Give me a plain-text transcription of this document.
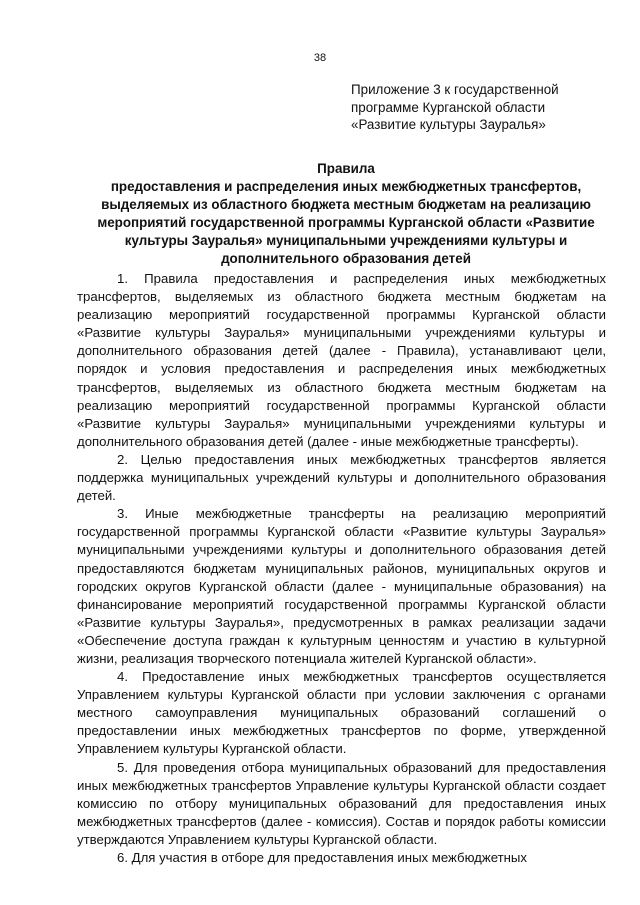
38
Приложение 3 к государственной
программе Курганской области
«Развитие культуры Зауралья»
Правила
предоставления и распределения иных межбюджетных трансфертов,
выделяемых из областного бюджета местным бюджетам на реализацию
мероприятий государственной программы Курганской области «Развитие
культуры Зауралья» муниципальными учреждениями культуры и
дополнительного образования детей

1. Правила предоставления и распределения иных межбюджетных трансфертов, выделяемых из областного бюджета местным бюджетам на реализацию мероприятий государственной программы Курганской области «Развитие культуры Зауралья» муниципальными учреждениями культуры и дополнительного образования детей (далее - Правила), устанавливают цели, порядок и условия предоставления и распределения иных межбюджетных трансфертов, выделяемых из областного бюджета местным бюджетам на реализацию мероприятий государственной программы Курганской области «Развитие культуры Зауралья» муниципальными учреждениями культуры и дополнительного образования детей (далее - иные межбюджетные трансферты).

2. Целью предоставления иных межбюджетных трансфертов является поддержка муниципальных учреждений культуры и дополнительного образования детей.

3. Иные межбюджетные трансферты на реализацию мероприятий государственной программы Курганской области «Развитие культуры Зауралья» муниципальными учреждениями культуры и дополнительного образования детей предоставляются бюджетам муниципальных районов, муниципальных округов и городских округов Курганской области (далее - муниципальные образования) на финансирование мероприятий государственной программы Курганской области «Развитие культуры Зауралья», предусмотренных в рамках реализации задачи «Обеспечение доступа граждан к культурным ценностям и участию в культурной жизни, реализация творческого потенциала жителей Курганской области».

4. Предоставление иных межбюджетных трансфертов осуществляется Управлением культуры Курганской области при условии заключения с органами местного самоуправления муниципальных образований соглашений о предоставлении иных межбюджетных трансфертов по форме, утвержденной Управлением культуры Курганской области.

5. Для проведения отбора муниципальных образований для предоставления иных межбюджетных трансфертов Управление культуры Курганской области создает комиссию по отбору муниципальных образований для предоставления иных межбюджетных трансфертов (далее - комиссия). Состав и порядок работы комиссии утверждаются Управлением культуры Курганской области.

6. Для участия в отборе для предоставления иных межбюджетных
